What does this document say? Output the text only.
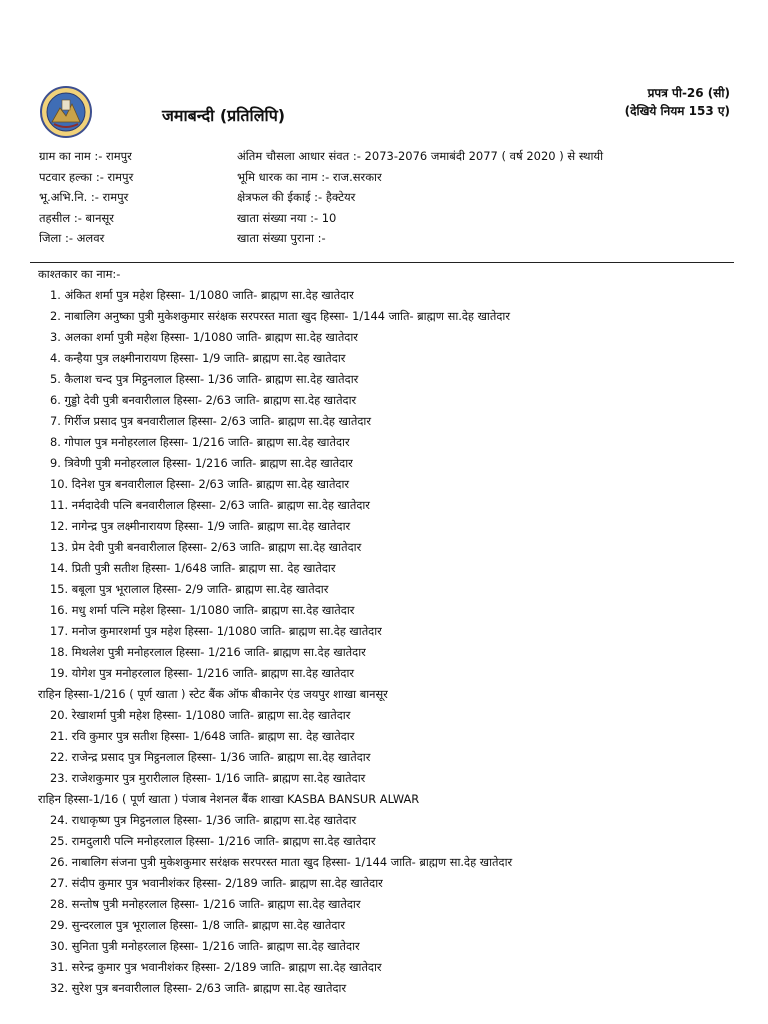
जमाबन्दी (प्रतिलिपि)
प्रपत्र पी-26 (सी)
(देखिये नियम 153 ए)
ग्राम का नाम :- रामपुर
पटवार हल्का :- रामपुर
भू.अभि.नि. :- रामपुर
तहसील :- बानसूर
जिला :- अलवर
अंतिम चौसला आधार संवत :- 2073-2076 जमाबंदी 2077 ( वर्ष 2020 ) से स्थायी
भूमि धारक का नाम :- राज.सरकार
क्षेत्रफल की ईकाई :- हैक्टेयर
खाता संख्या नया :- 10
खाता संख्या पुराना :-
काश्तकार का नाम:-
1. अंकित शर्मा पुत्र महेश हिस्सा- 1/1080 जाति- ब्राह्मण सा.देह खातेदार
2. नाबालिग अनुष्का पुत्री मुकेशकुमार सरंक्षक सरपरस्त माता खुद हिस्सा- 1/144 जाति- ब्राह्मण सा.देह खातेदार
3. अलका शर्मा पुत्री महेश हिस्सा- 1/1080 जाति- ब्राह्मण सा.देह खातेदार
4. कन्हैया पुत्र लक्ष्मीनारायण हिस्सा- 1/9 जाति- ब्राह्मण सा.देह खातेदार
5. कैलाश चन्द पुत्र मिट्ठनलाल हिस्सा- 1/36 जाति- ब्राह्मण सा.देह खातेदार
6. गुड्डो देवी पुत्री बनवारीलाल हिस्सा- 2/63 जाति- ब्राह्मण सा.देह खातेदार
7. गिर्रीज प्रसाद पुत्र बनवारीलाल हिस्सा- 2/63 जाति- ब्राह्मण सा.देह खातेदार
8. गोपाल पुत्र मनोहरलाल हिस्सा- 1/216 जाति- ब्राह्मण सा.देह खातेदार
9. त्रिवेणी पुत्री मनोहरलाल हिस्सा- 1/216 जाति- ब्राह्मण सा.देह खातेदार
10. दिनेश पुत्र बनवारीलाल हिस्सा- 2/63 जाति- ब्राह्मण सा.देह खातेदार
11. नर्मदादेवी पत्नि बनवारीलाल हिस्सा- 2/63 जाति- ब्राह्मण सा.देह खातेदार
12. नागेन्द्र पुत्र लक्ष्मीनारायण हिस्सा- 1/9 जाति- ब्राह्मण सा.देह खातेदार
13. प्रेम देवी पुत्री बनवारीलाल हिस्सा- 2/63 जाति- ब्राह्मण सा.देह खातेदार
14. प्रिती पुत्री सतीश हिस्सा- 1/648 जाति- ब्राह्मण सा. देह खातेदार
15. बबूला पुत्र भूरालाल हिस्सा- 2/9 जाति- ब्राह्मण सा.देह खातेदार
16. मधु शर्मा पत्नि महेश हिस्सा- 1/1080 जाति- ब्राह्मण सा.देह खातेदार
17. मनोज कुमारशर्मा पुत्र महेश हिस्सा- 1/1080 जाति- ब्राह्मण सा.देह खातेदार
18. मिथलेश पुत्री मनोहरलाल हिस्सा- 1/216 जाति- ब्राह्मण सा.देह खातेदार
19. योगेश पुत्र मनोहरलाल हिस्सा- 1/216 जाति- ब्राह्मण सा.देह खातेदार
राहिन हिस्सा-1/216 ( पूर्ण खाता ) स्टेट बैंक ऑफ बीकानेर एंड जयपुर शाखा बानसूर
20. रेखाशर्मा पुत्री महेश हिस्सा- 1/1080 जाति- ब्राह्मण सा.देह खातेदार
21. रवि कुमार पुत्र सतीश हिस्सा- 1/648 जाति- ब्राह्मण सा. देह खातेदार
22. राजेन्द्र प्रसाद पुत्र मिट्ठनलाल हिस्सा- 1/36 जाति- ब्राह्मण सा.देह खातेदार
23. राजेशकुमार पुत्र मुरारीलाल हिस्सा- 1/16 जाति- ब्राह्मण सा.देह खातेदार
राहिन हिस्सा-1/16 ( पूर्ण खाता ) पंजाब नेशनल बैंक शाखा KASBA BANSUR ALWAR
24. राधाकृष्ण पुत्र मिट्ठनलाल हिस्सा- 1/36 जाति- ब्राह्मण सा.देह खातेदार
25. रामदुलारी पत्नि मनोहरलाल हिस्सा- 1/216 जाति- ब्राह्मण सा.देह खातेदार
26. नाबालिग संजना पुत्री मुकेशकुमार सरंक्षक सरपरस्त माता खुद हिस्सा- 1/144 जाति- ब्राह्मण सा.देह खातेदार
27. संदीप कुमार पुत्र भवानीशंकर हिस्सा- 2/189 जाति- ब्राह्मण सा.देह खातेदार
28. सन्तोष पुत्री मनोहरलाल हिस्सा- 1/216 जाति- ब्राह्मण सा.देह खातेदार
29. सुन्दरलाल पुत्र भूरालाल हिस्सा- 1/8 जाति- ब्राह्मण सा.देह खातेदार
30. सुनिता पुत्री मनोहरलाल हिस्सा- 1/216 जाति- ब्राह्मण सा.देह खातेदार
31. सरेन्द्र कुमार पुत्र भवानीशंकर हिस्सा- 2/189 जाति- ब्राह्मण सा.देह खातेदार
32. सुरेश पुत्र बनवारीलाल हिस्सा- 2/63 जाति- ब्राह्मण सा.देह खातेदार
